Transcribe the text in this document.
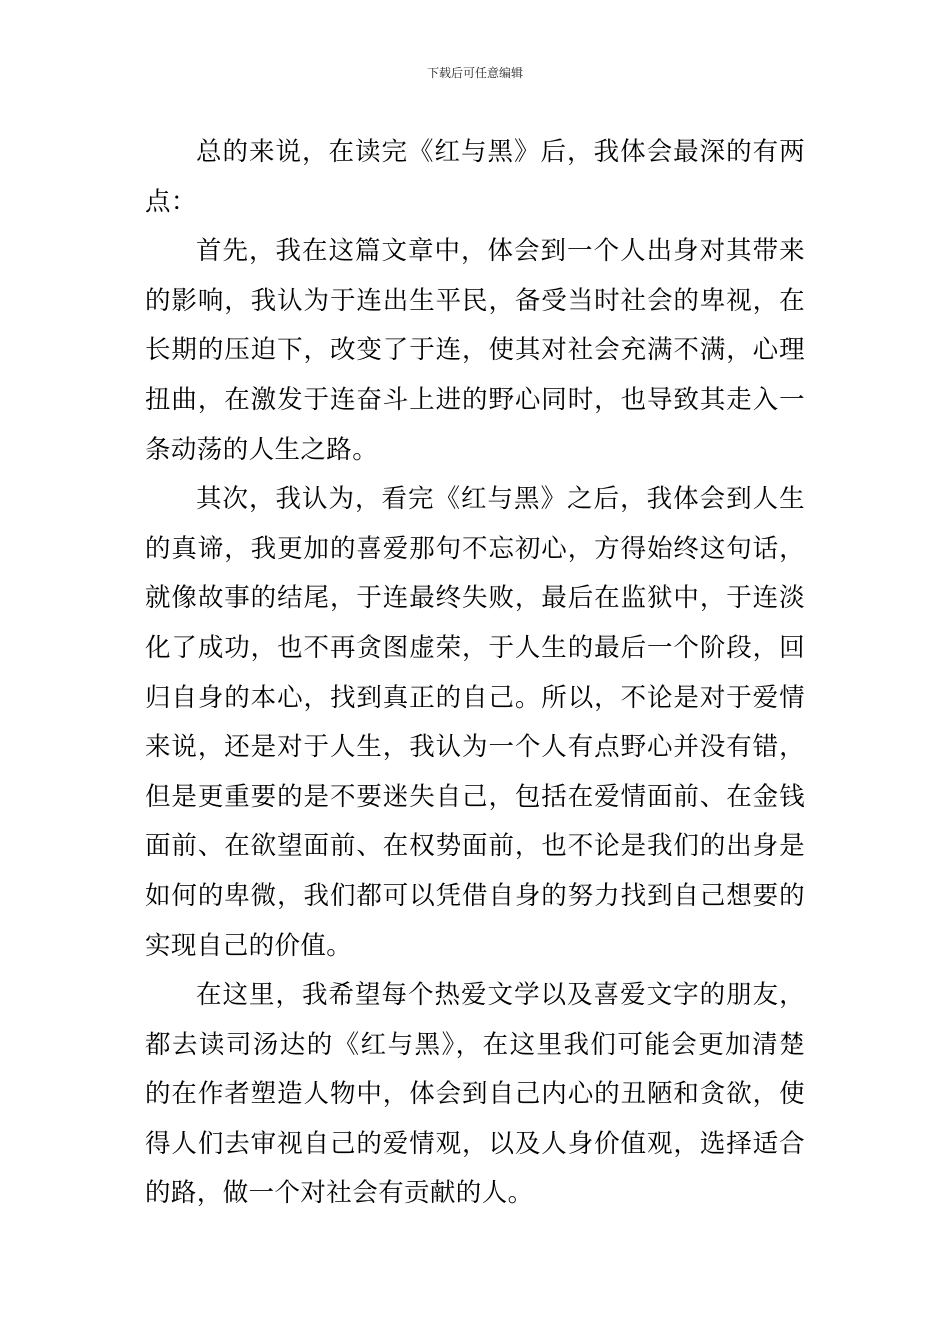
下载后可任意编辑

总的来说，在读完《红与黑》后，我体会最深的有两点：

首先，我在这篇文章中，体会到一个人出身对其带来的影响，我认为于连出生平民，备受当时社会的卑视，在长期的压迫下，改变了于连，使其对社会充满不满，心理扭曲，在激发于连奋斗上进的野心同时，也导致其走入一条动荡的人生之路。

其次，我认为，看完《红与黑》之后，我体会到人生的真谛，我更加的喜爱那句不忘初心，方得始终这句话，就像故事的结尾，于连最终失败，最后在监狱中，于连淡化了成功，也不再贪图虚荣，于人生的最后一个阶段，回归自身的本心，找到真正的自己。所以，不论是对于爱情来说，还是对于人生，我认为一个人有点野心并没有错，但是更重要的是不要迷失自己，包括在爱情面前、在金钱面前、在欲望面前、在权势面前，也不论是我们的出身是如何的卑微，我们都可以凭借自身的努力找到自己想要的实现自己的价值。

在这里，我希望每个热爱文学以及喜爱文字的朋友，都去读司汤达的《红与黑》，在这里我们可能会更加清楚的在作者塑造人物中，体会到自己内心的丑陋和贪欲，使得人们去审视自己的爱情观，以及人身价值观，选择适合的路，做一个对社会有贡献的人。
